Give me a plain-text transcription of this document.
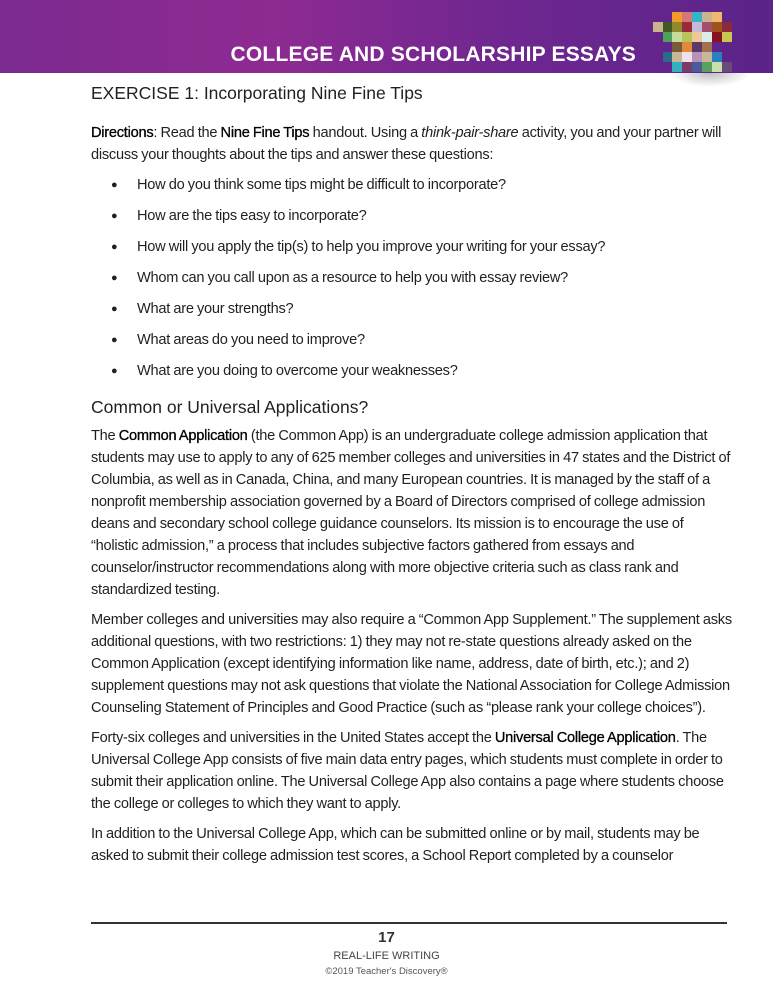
COLLEGE AND SCHOLARSHIP ESSAYS
EXERCISE 1: Incorporating Nine Fine Tips

Directions: Read the Nine Fine Tips handout. Using a think-pair-share activity, you and your partner will discuss your thoughts about the tips and answer these questions:

● How do you think some tips might be difficult to incorporate?
● How are the tips easy to incorporate?
● How will you apply the tip(s) to help you improve your writing for your essay?
● Whom can you call upon as a resource to help you with essay review?
● What are your strengths?
● What areas do you need to improve?
● What are you doing to overcome your weaknesses?
Common or Universal Applications?

The Common Application (the Common App) is an undergraduate college admission application that students may use to apply to any of 625 member colleges and universities in 47 states and the District of Columbia, as well as in Canada, China, and many European countries. It is managed by the staff of a nonprofit membership association governed by a Board of Directors comprised of college admission deans and secondary school college guidance counselors. Its mission is to encourage the use of “holistic admission,” a process that includes subjective factors gathered from essays and counselor/instructor recommendations along with more objective criteria such as class rank and standardized testing.

Member colleges and universities may also require a “Common App Supplement.” The supplement asks additional questions, with two restrictions: 1) they may not re-state questions already asked on the Common Application (except identifying information like name, address, date of birth, etc.); and 2) supplement questions may not ask questions that violate the National Association for College Admission Counseling Statement of Principles and Good Practice (such as “please rank your college choices”).

Forty-six colleges and universities in the United States accept the Universal College Application. The Universal College App consists of five main data entry pages, which students must complete in order to submit their application online. The Universal College App also contains a page where students choose the college or colleges to which they want to apply.

In addition to the Universal College App, which can be submitted online or by mail, students may be asked to submit their college admission test scores, a School Report completed by a counselor

17
REAL-LIFE WRITING
©2019 Teacher's Discovery®
